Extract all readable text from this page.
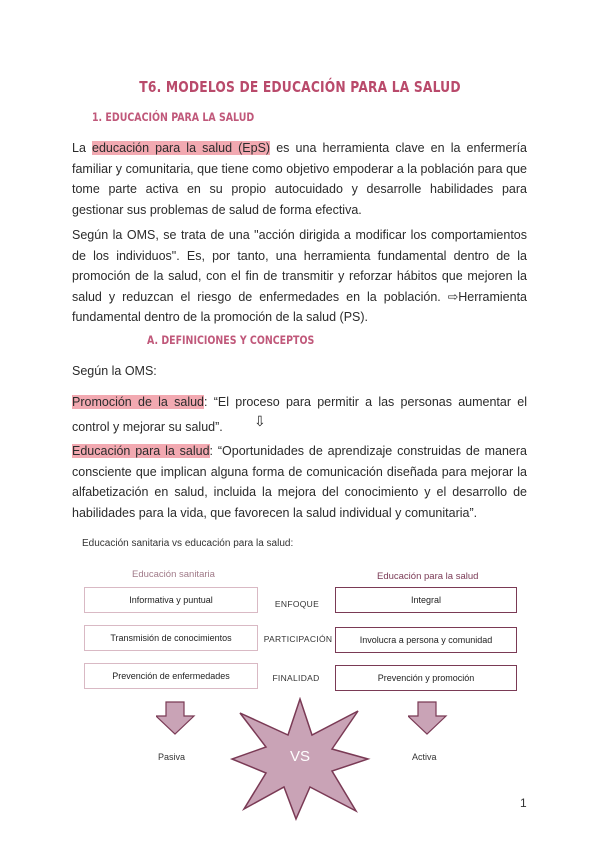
T6. MODELOS DE EDUCACIÓN PARA LA SALUD
1. EDUCACIÓN PARA LA SALUD
La educación para la salud (EpS) es una herramienta clave en la enfermería familiar y comunitaria, que tiene como objetivo empoderar a la población para que tome parte activa en su propio autocuidado y desarrolle habilidades para gestionar sus problemas de salud de forma efectiva.
Según la OMS, se trata de una "acción dirigida a modificar los comportamientos de los individuos". Es, por tanto, una herramienta fundamental dentro de la promoción de la salud, con el fin de transmitir y reforzar hábitos que mejoren la salud y reduzcan el riesgo de enfermedades en la población. ⇨Herramienta fundamental dentro de la promoción de la salud (PS).
A. DEFINICIONES Y CONCEPTOS
Según la OMS:
Promoción de la salud: “El proceso para permitir a las personas aumentar el control y mejorar su salud”.	⇩
Educación para la salud: “Oportunidades de aprendizaje construidas de manera consciente que implican alguna forma de comunicación diseñada para mejorar la alfabetización en salud, incluida la mejora del conocimiento y el desarrollo de habilidades para la vida, que favorecen la salud individual y comunitaria”.
Educación sanitaria vs educación para la salud:
Educación sanitaria	Educación para la salud
Informativa y puntual	ENFOQUE	Integral
Transmisión de conocimientos	PARTICIPACIÓN	Involucra a persona y comunidad
Prevención de enfermedades	FINALIDAD	Prevención y promoción
VS
Pasiva	Activa
1
